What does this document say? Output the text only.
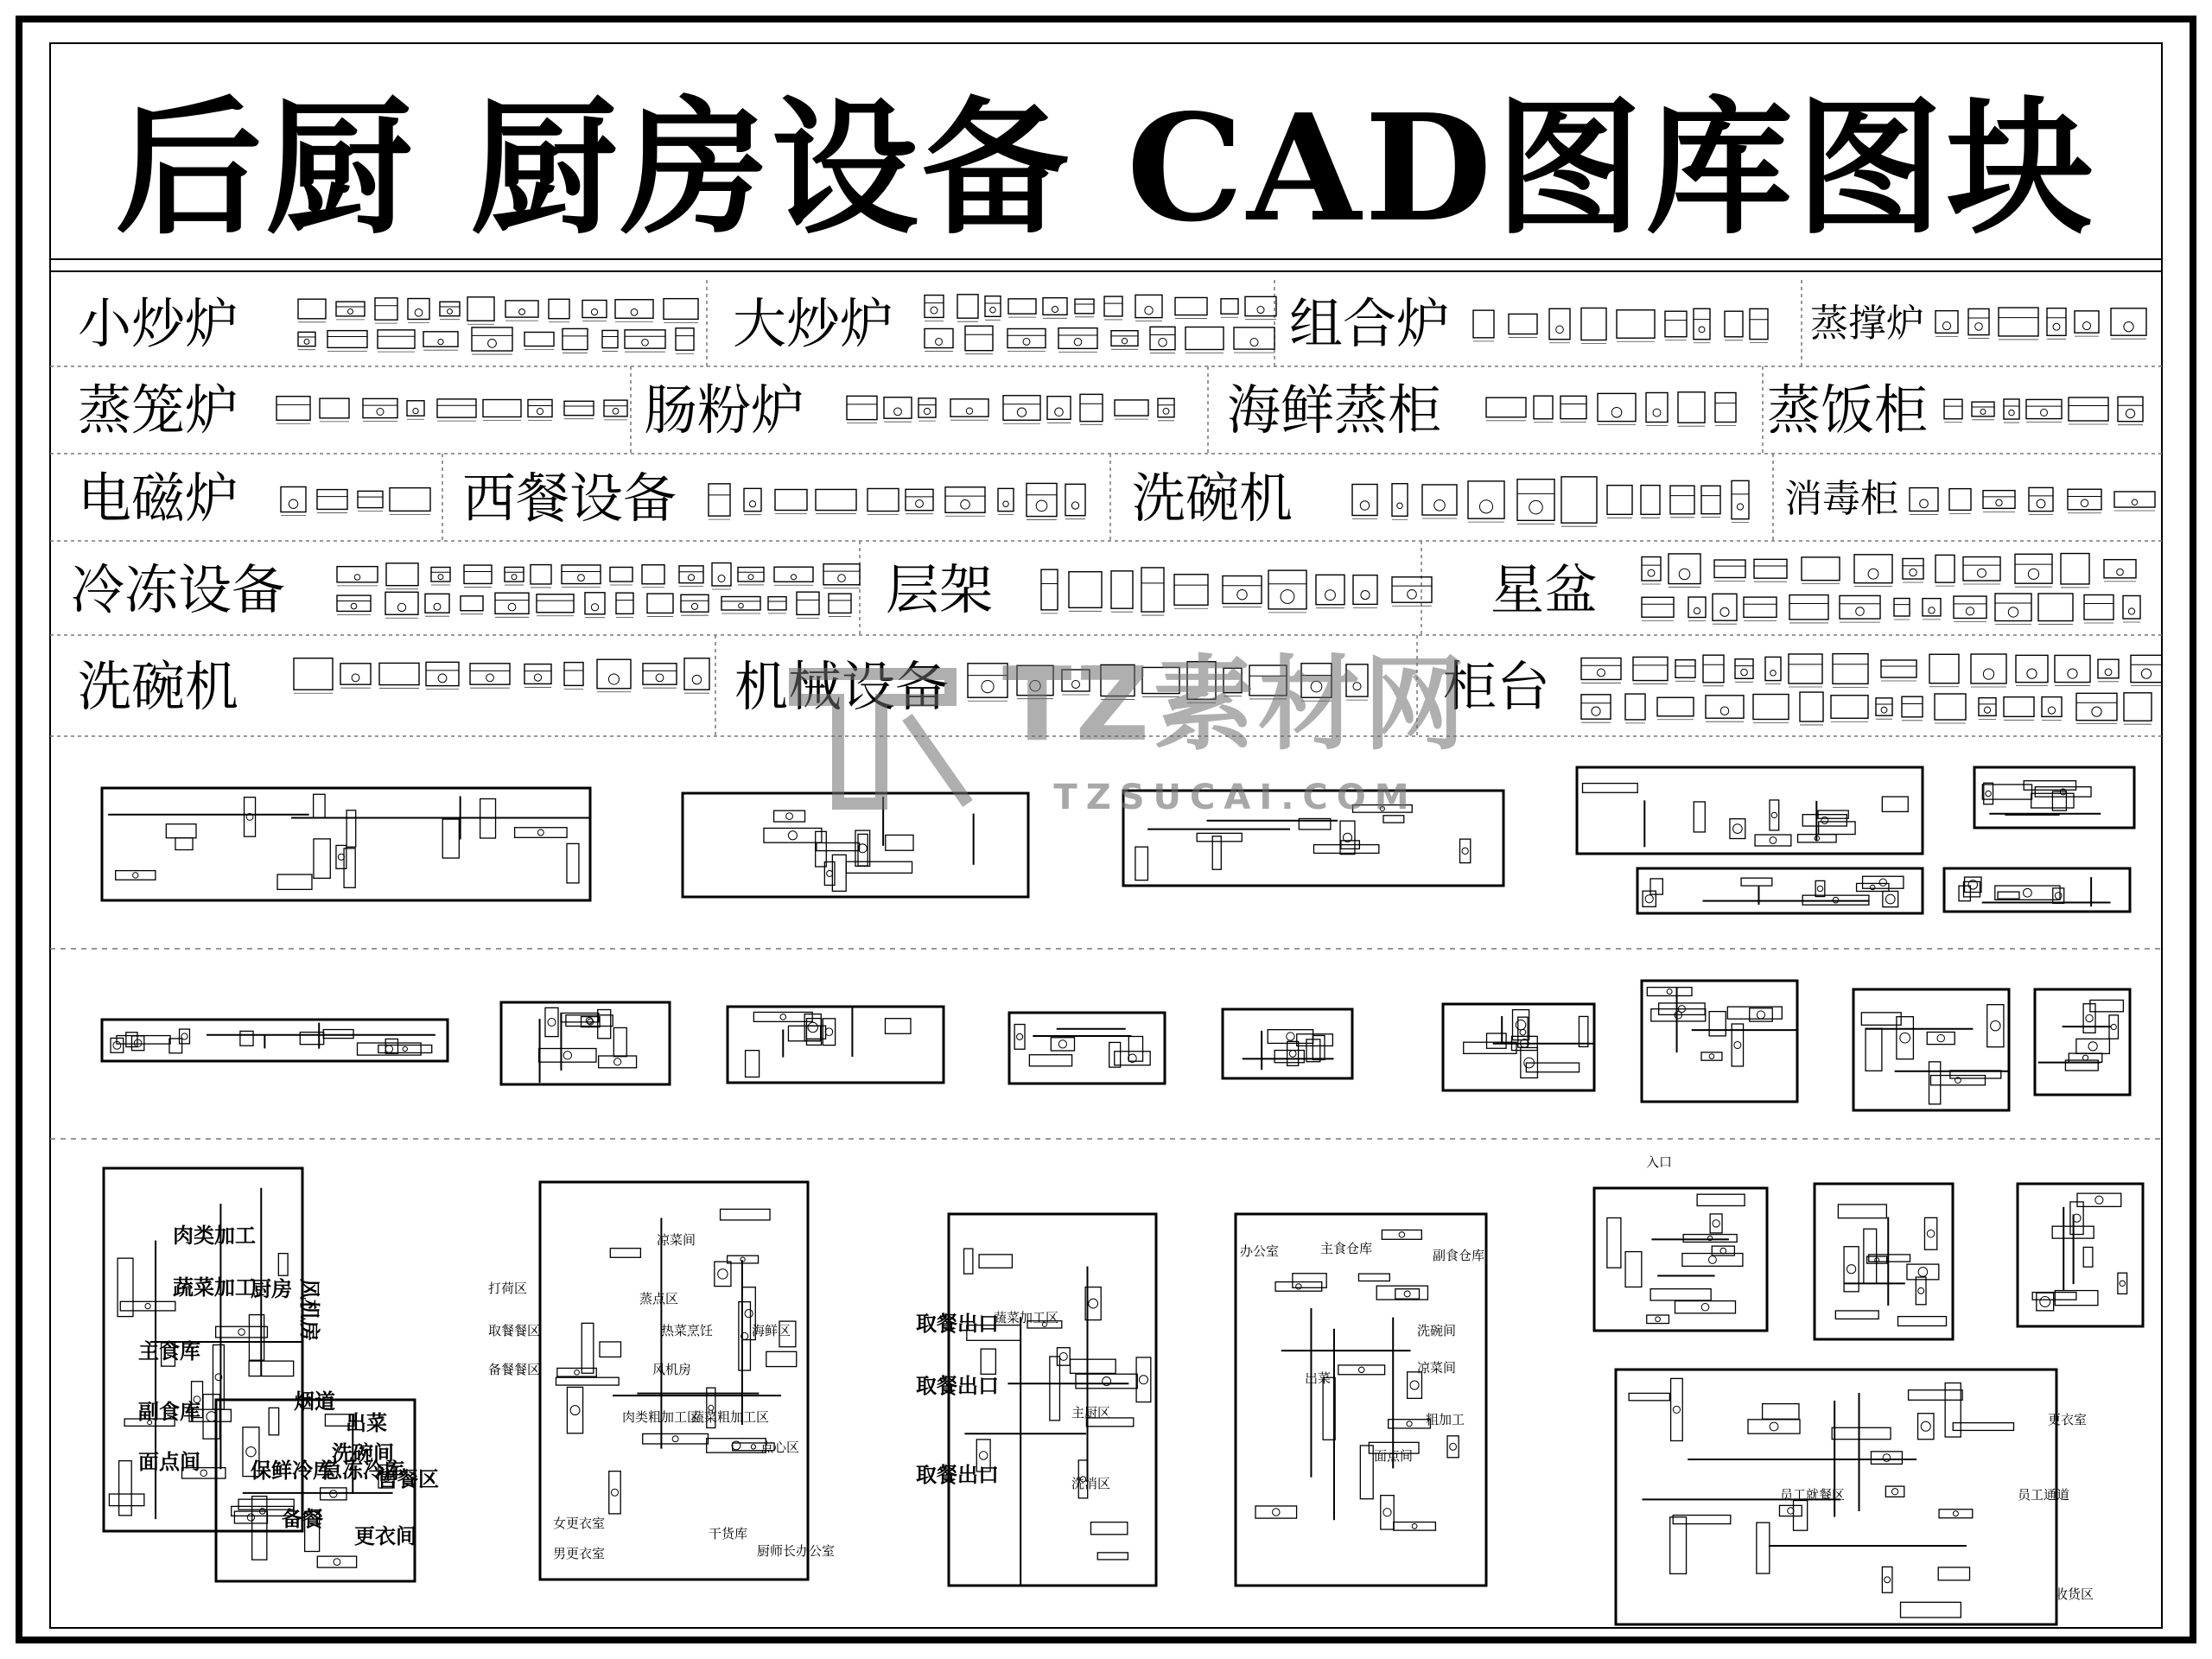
肉类加工
蔬菜加工
主食库
副食库
面点间
厨房 风机房
烟道
出菜
保鲜冷库
急冻冷库
洗碗间
备餐
售餐区
更衣间
打荷区
取餐餐区
备餐餐区
凉菜间
蒸点区
热菜烹饪
风机房
海鲜区
蔬菜粗加工区
肉类粗加工区
点心区
女更衣室
男更衣室
干货库
厨师长办公室
取餐出口
取餐出口
取餐出口
蔬菜加工区
主厨区
洗消区
办公室	主食仓库	副食仓库
洗碗间
凉菜间
粗加工
面点间
出菜
员工就餐区	员工通道
更衣室
收货区
入口
后厨 厨房设备 CAD图库图块
小炒炉	大炒炉	组合炉	蒸撑炉
蒸笼炉	肠粉炉	海鲜蒸柜	蒸饭柜
电磁炉	西餐设备	洗碗机	消毒柜
冷冻设备	层架	星盆
洗碗机	机械设备	柜台
TZ素材网
TZSUCAI.COM
